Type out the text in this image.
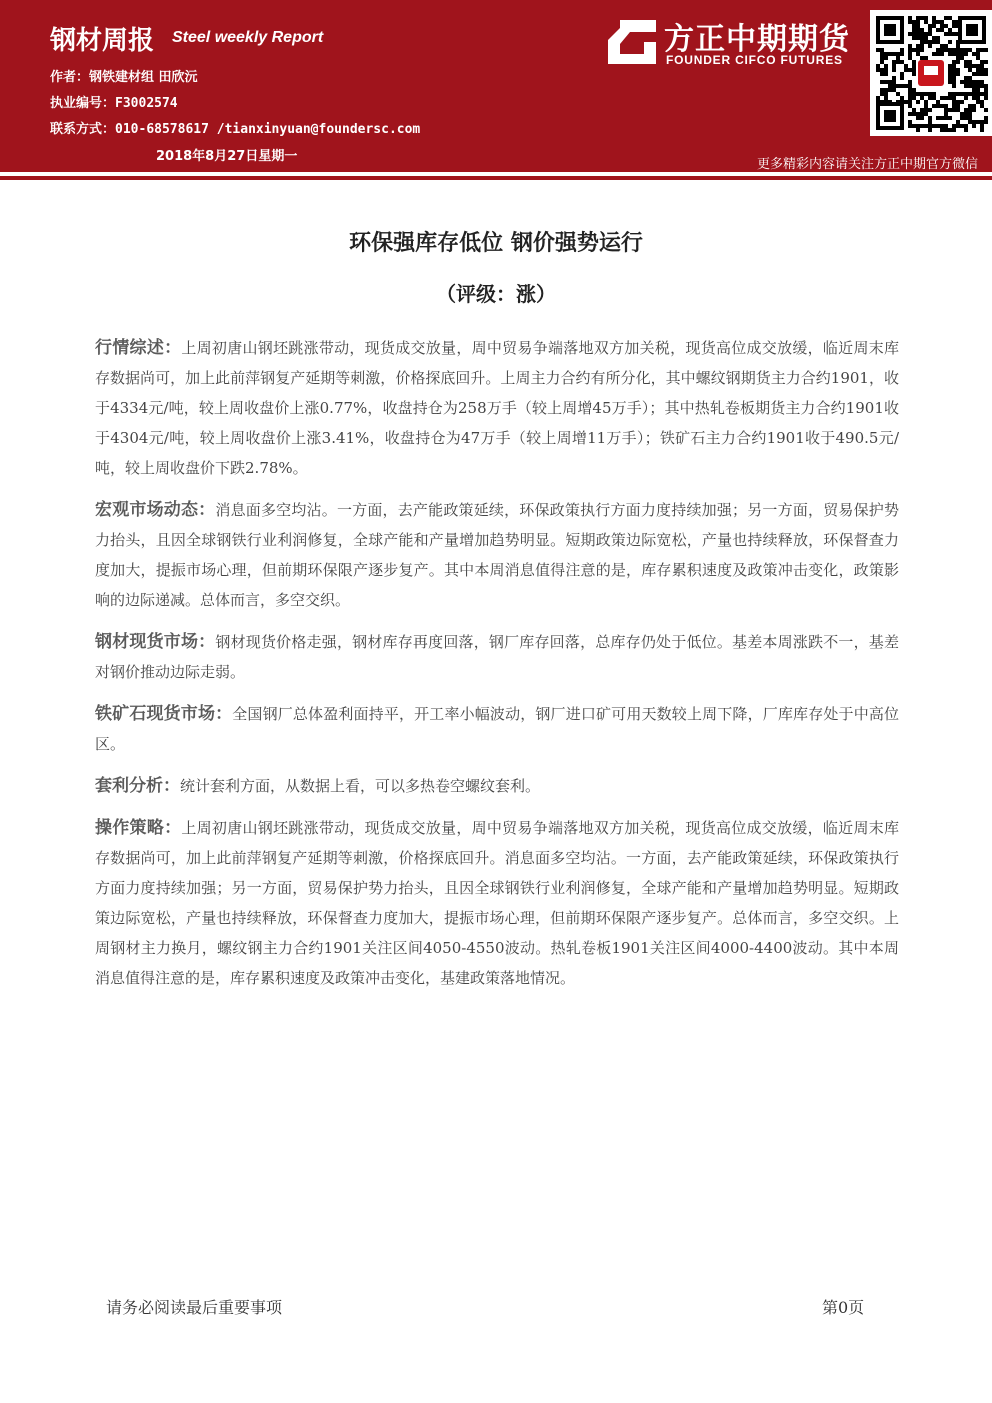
钢材周报 Steel weekly Report
作者：钢铁建材组 田欣沅
执业编号：F3002574
联系方式：010-68578617 /tianxinyuan@foundersc.com
2018年8月27日星期一
方正中期期货
FOUNDER CIFCO FUTURES
更多精彩内容请关注方正中期官方微信
环保强库存低位 钢价强势运行
（评级：涨）

行情综述：上周初唐山钢坯跳涨带动，现货成交放量，周中贸易争端落地双方加关税，现货高位成交放缓，临近周末库存数据尚可，加上此前萍钢复产延期等刺激，价格探底回升。上周主力合约有所分化，其中螺纹钢期货主力合约1901，收于4334元/吨，较上周收盘价上涨0.77%，收盘持仓为258万手（较上周增45万手）；其中热轧卷板期货主力合约1901收于4304元/吨，较上周收盘价上涨3.41%，收盘持仓为47万手（较上周增11万手）；铁矿石主力合约1901收于490.5元/吨，较上周收盘价下跌2.78%。

宏观市场动态：消息面多空均沾。一方面，去产能政策延续，环保政策执行方面力度持续加强；另一方面，贸易保护势力抬头，且因全球钢铁行业利润修复，全球产能和产量增加趋势明显。短期政策边际宽松，产量也持续释放，环保督查力度加大，提振市场心理，但前期环保限产逐步复产。其中本周消息值得注意的是，库存累积速度及政策冲击变化，政策影响的边际递减。总体而言，多空交织。

钢材现货市场：钢材现货价格走强，钢材库存再度回落，钢厂库存回落，总库存仍处于低位。基差本周涨跌不一，基差对钢价推动边际走弱。

铁矿石现货市场：全国钢厂总体盈利面持平，开工率小幅波动，钢厂进口矿可用天数较上周下降，厂库库存处于中高位区。

套利分析：统计套利方面，从数据上看，可以多热卷空螺纹套利。

操作策略：上周初唐山钢坯跳涨带动，现货成交放量，周中贸易争端落地双方加关税，现货高位成交放缓，临近周末库存数据尚可，加上此前萍钢复产延期等刺激，价格探底回升。消息面多空均沾。一方面，去产能政策延续，环保政策执行方面力度持续加强；另一方面，贸易保护势力抬头，且因全球钢铁行业利润修复，全球产能和产量增加趋势明显。短期政策边际宽松，产量也持续释放，环保督查力度加大，提振市场心理，但前期环保限产逐步复产。总体而言，多空交织。上周钢材主力换月，螺纹钢主力合约1901关注区间4050-4550波动。热轧卷板1901关注区间4000-4400波动。其中本周消息值得注意的是，库存累积速度及政策冲击变化，基建政策落地情况。

请务必阅读最后重要事项	第0页
